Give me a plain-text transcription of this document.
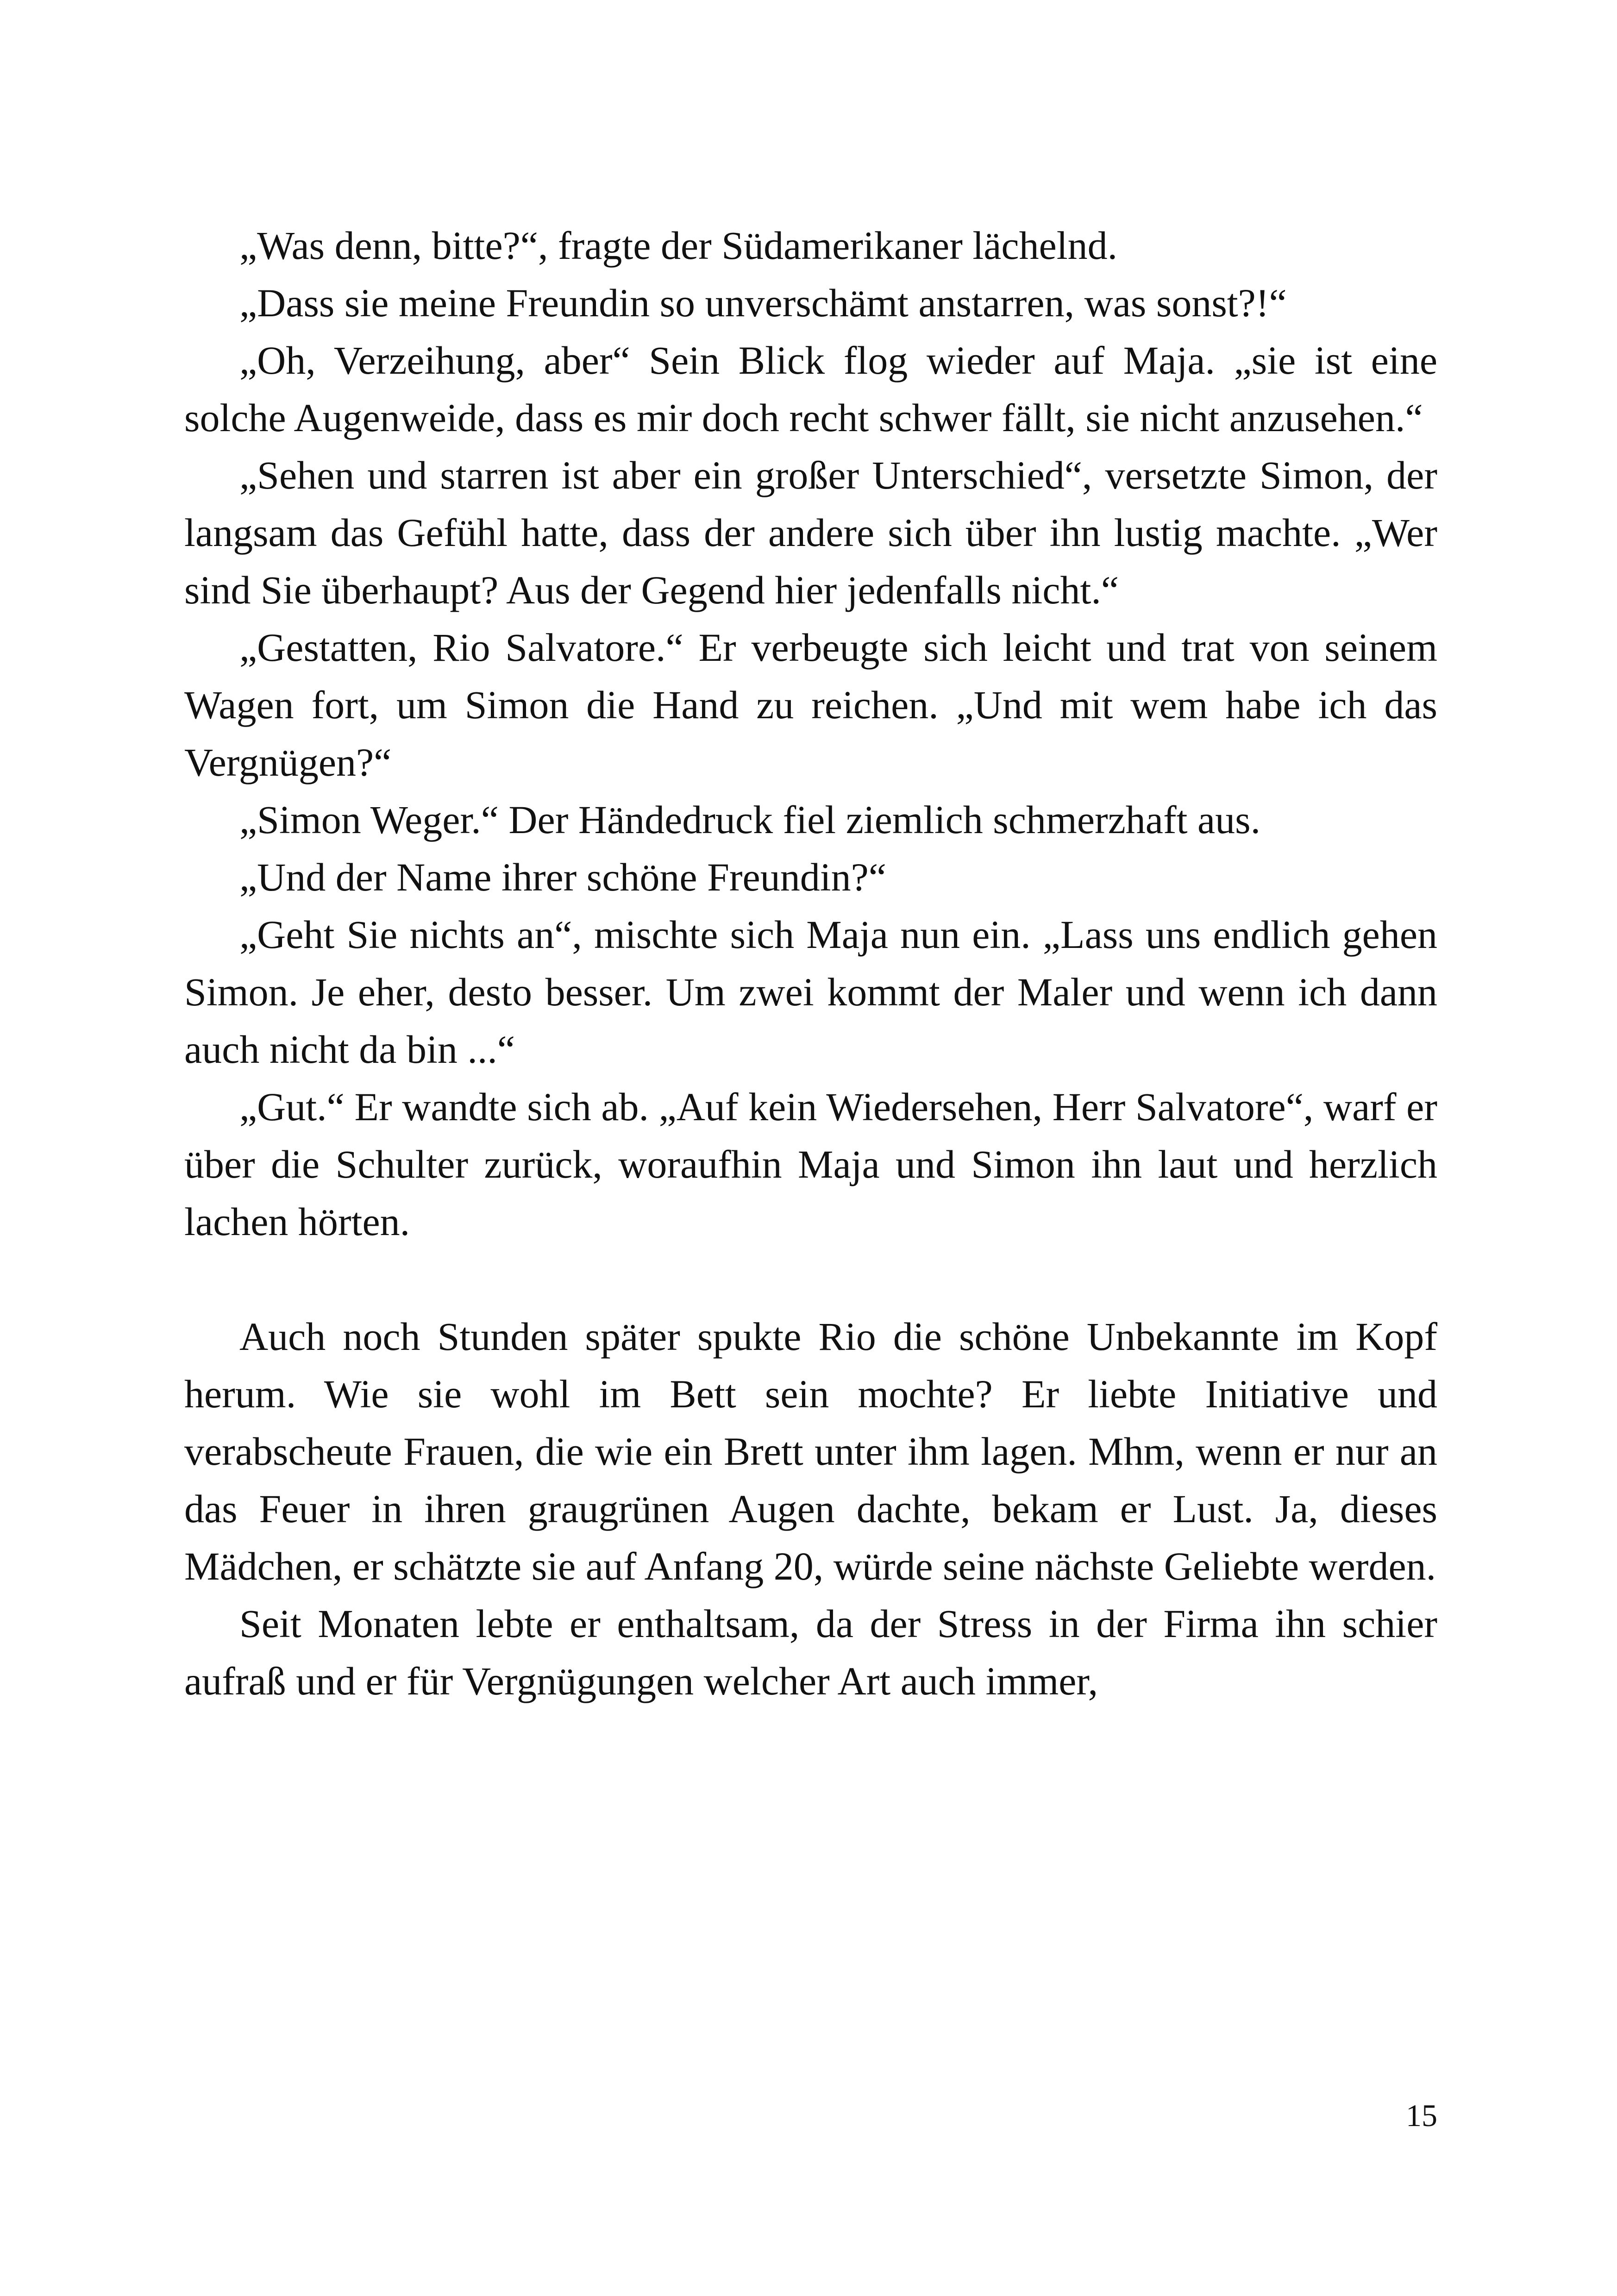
„Was denn, bitte?“, fragte der Südamerikaner lächelnd.

„Dass sie meine Freundin so unverschämt anstarren, was sonst?!“

„Oh, Verzeihung, aber“ Sein Blick flog wieder auf Maja. „sie ist eine solche Augenweide, dass es mir doch recht schwer fällt, sie nicht anzusehen.“

„Sehen und starren ist aber ein großer Unterschied“, versetzte Simon, der langsam das Gefühl hatte, dass der andere sich über ihn lustig machte. „Wer sind Sie überhaupt? Aus der Gegend hier jedenfalls nicht.“

„Gestatten, Rio Salvatore.“ Er verbeugte sich leicht und trat von seinem Wagen fort, um Simon die Hand zu reichen. „Und mit wem habe ich das Vergnügen?“

„Simon Weger.“ Der Händedruck fiel ziemlich schmerzhaft aus.

„Und der Name ihrer schöne Freundin?“

„Geht Sie nichts an“, mischte sich Maja nun ein. „Lass uns endlich gehen Simon. Je eher, desto besser. Um zwei kommt der Maler und wenn ich dann auch nicht da bin ...“

„Gut.“ Er wandte sich ab. „Auf kein Wiedersehen, Herr Salvatore“, warf er über die Schulter zurück, woraufhin Maja und Simon ihn laut und herzlich lachen hörten.

Auch noch Stunden später spukte Rio die schöne Unbekannte im Kopf herum. Wie sie wohl im Bett sein mochte? Er liebte Initiative und verabscheute Frauen, die wie ein Brett unter ihm lagen. Mhm, wenn er nur an das Feuer in ihren graugrünen Augen dachte, bekam er Lust. Ja, dieses Mädchen, er schätzte sie auf Anfang 20, würde seine nächste Geliebte werden.

Seit Monaten lebte er enthaltsam, da der Stress in der Firma ihn schier aufraß und er für Vergnügungen welcher Art auch immer,

15
